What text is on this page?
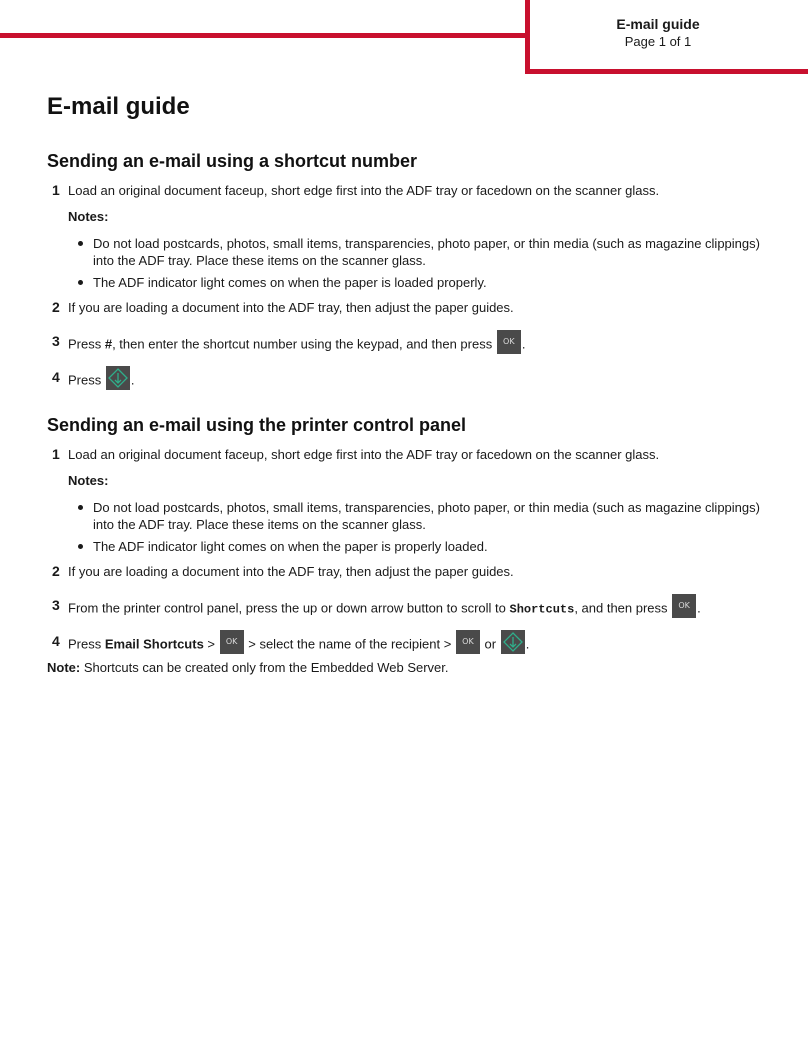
E-mail guide
Page 1 of 1
E-mail guide
Sending an e-mail using a shortcut number
1 Load an original document faceup, short edge first into the ADF tray or facedown on the scanner glass.
Notes:
Do not load postcards, photos, small items, transparencies, photo paper, or thin media (such as magazine clippings)
into the ADF tray. Place these items on the scanner glass.
The ADF indicator light comes on when the paper is loaded properly.
2 If you are loading a document into the ADF tray, then adjust the paper guides.
3 Press #, then enter the shortcut number using the keypad, and then press OK .
4 Press
.
Sending an e-mail using the printer control panel
1 Load an original document faceup, short edge first into the ADF tray or facedown on the scanner glass.
Notes:
Do not load postcards, photos, small items, transparencies, photo paper, or thin media (such as magazine clippings)
into the ADF tray. Place these items on the scanner glass.
The ADF indicator light comes on when the paper is properly loaded.
2 If you are loading a document into the ADF tray, then adjust the paper guides.
3 From the printer control panel, press the up or down arrow button to scroll to Shortcuts, and then press OK .
4 Press Email Shortcuts > OK > select the name of the recipient > OK or
.
Note: Shortcuts can be created only from the Embedded Web Server.
